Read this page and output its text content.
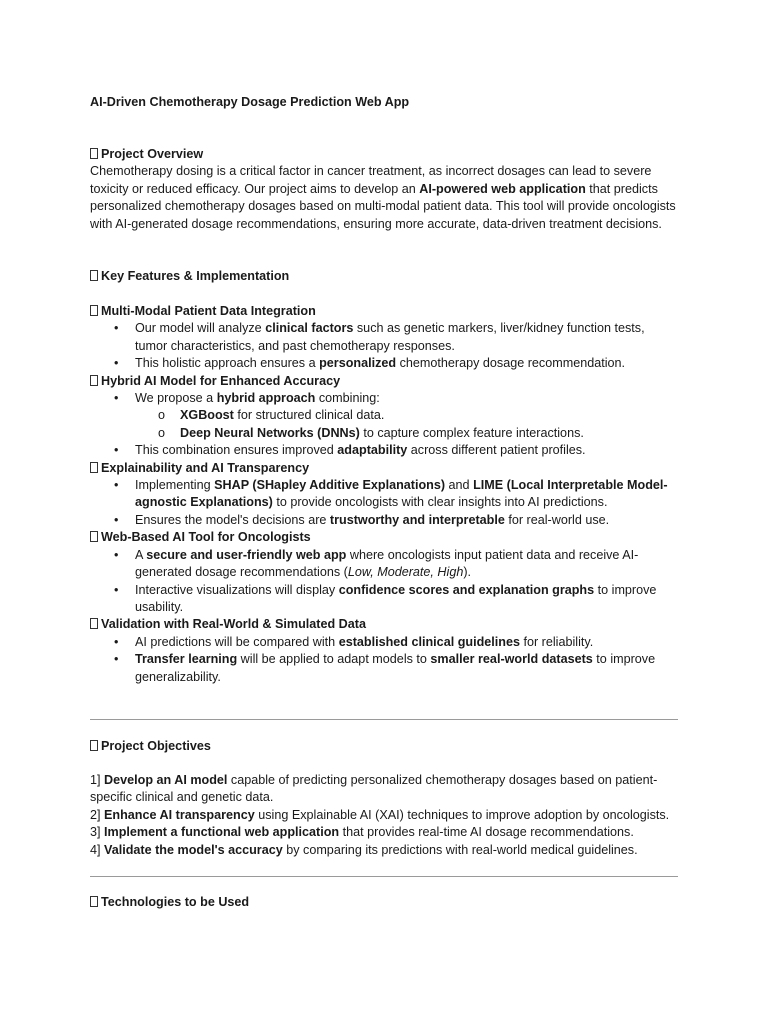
AI-Driven Chemotherapy Dosage Prediction Web App

Project Overview

Chemotherapy dosing is a critical factor in cancer treatment, as incorrect dosages can lead to severe toxicity or reduced efficacy. Our project aims to develop an AI-powered web application that predicts personalized chemotherapy dosages based on multi-modal patient data. This tool will provide oncologists with AI-generated dosage recommendations, ensuring more accurate, data-driven treatment decisions.

Key Features & Implementation

Multi-Modal Patient Data Integration

• Our model will analyze clinical factors such as genetic markers, liver/kidney function tests, tumor characteristics, and past chemotherapy responses.
• This holistic approach ensures a personalized chemotherapy dosage recommendation.

Hybrid AI Model for Enhanced Accuracy

• We propose a hybrid approach combining:
o XGBoost for structured clinical data.
o Deep Neural Networks (DNNs) to capture complex feature interactions.
• This combination ensures improved adaptability across different patient profiles.

Explainability and AI Transparency

• Implementing SHAP (SHapley Additive Explanations) and LIME (Local Interpretable Model-agnostic Explanations) to provide oncologists with clear insights into AI predictions.
• Ensures the model's decisions are trustworthy and interpretable for real-world use.

Web-Based AI Tool for Oncologists

• A secure and user-friendly web app where oncologists input patient data and receive AI-generated dosage recommendations (Low, Moderate, High).
• Interactive visualizations will display confidence scores and explanation graphs to improve usability.

Validation with Real-World & Simulated Data

• AI predictions will be compared with established clinical guidelines for reliability.
• Transfer learning will be applied to adapt models to smaller real-world datasets to improve generalizability.

Project Objectives

1] Develop an AI model capable of predicting personalized chemotherapy dosages based on patient-specific clinical and genetic data.

2] Enhance AI transparency using Explainable AI (XAI) techniques to improve adoption by oncologists.

3] Implement a functional web application that provides real-time AI dosage recommendations.

4] Validate the model's accuracy by comparing its predictions with real-world medical guidelines.

Technologies to be Used
